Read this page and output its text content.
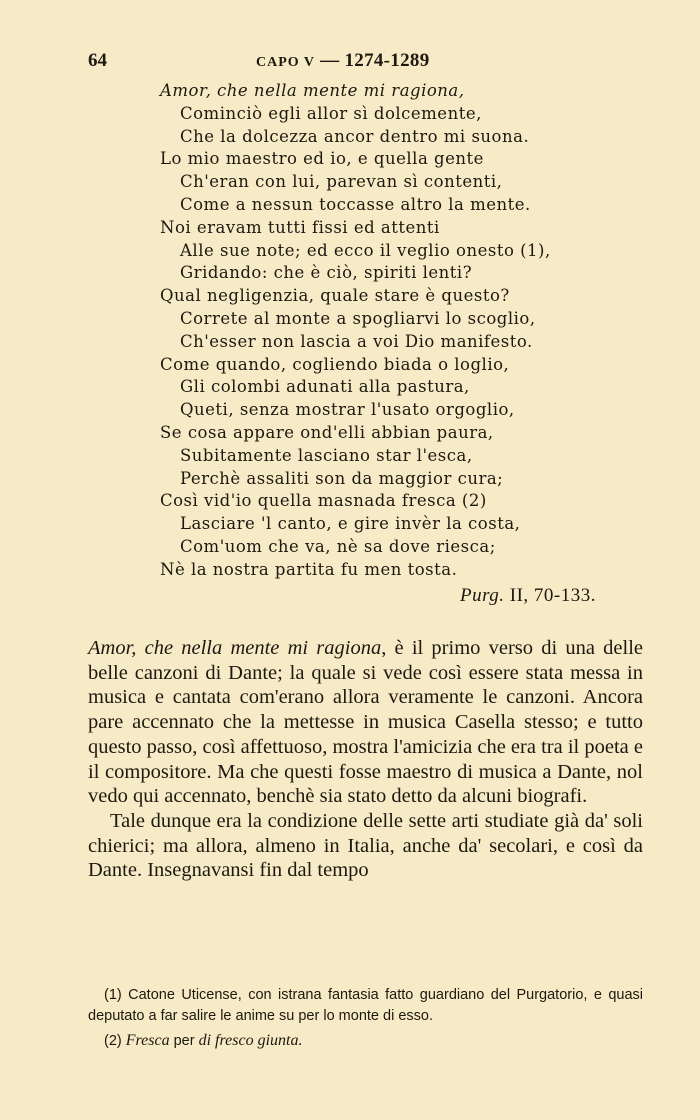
64	CAPO V — 1274-1289
Amor, che nella mente mi ragiona,
Cominciò egli allor sì dolcemente,
Che la dolcezza ancor dentro mi suona.
Lo mio maestro ed io, e quella gente
Ch'eran con lui, parevan sì contenti,
Come a nessun toccasse altro la mente.
Noi eravam tutti fissi ed attenti
Alle sue note; ed ecco il veglio onesto (1),
Gridando: che è ciò, spiriti lenti?
Qual negligenzia, quale stare è questo?
Correte al monte a spogliarvi lo scoglio,
Ch'esser non lascia a voi Dio manifesto.
Come quando, cogliendo biada o loglio,
Gli colombi adunati alla pastura,
Queti, senza mostrar l'usato orgoglio,
Se cosa appare ond'elli abbian paura,
Subitamente lasciano star l'esca,
Perchè assaliti son da maggior cura;
Così vid'io quella masnada fresca (2)
Lasciare 'l canto, e gire invèr la costa,
Com'uom che va, nè sa dove riesca;
Nè la nostra partita fu men tosta.
Purg. II, 70-133.

Amor, che nella mente mi ragiona, è il primo verso di una delle belle canzoni di Dante; la quale si vede così essere stata messa in musica e cantata com'erano allora veramente le canzoni. Ancora pare accennato che la mettesse in musica Casella stesso; e tutto questo passo, così affettuoso, mostra l'amicizia che era tra il poeta e il compositore. Ma che questi fosse maestro di musica a Dante, nol vedo qui accennato, benchè sia stato detto da alcuni biografi.

Tale dunque era la condizione delle sette arti studiate già da' soli chierici; ma allora, almeno in Italia, anche da' secolari, e così da Dante. Insegnavansi fin dal tempo

(1) Catone Uticense, con istrana fantasia fatto guardiano del Purgatorio, e quasi deputato a far salire le anime su per lo monte di esso.

(2) Fresca per di fresco giunta.
